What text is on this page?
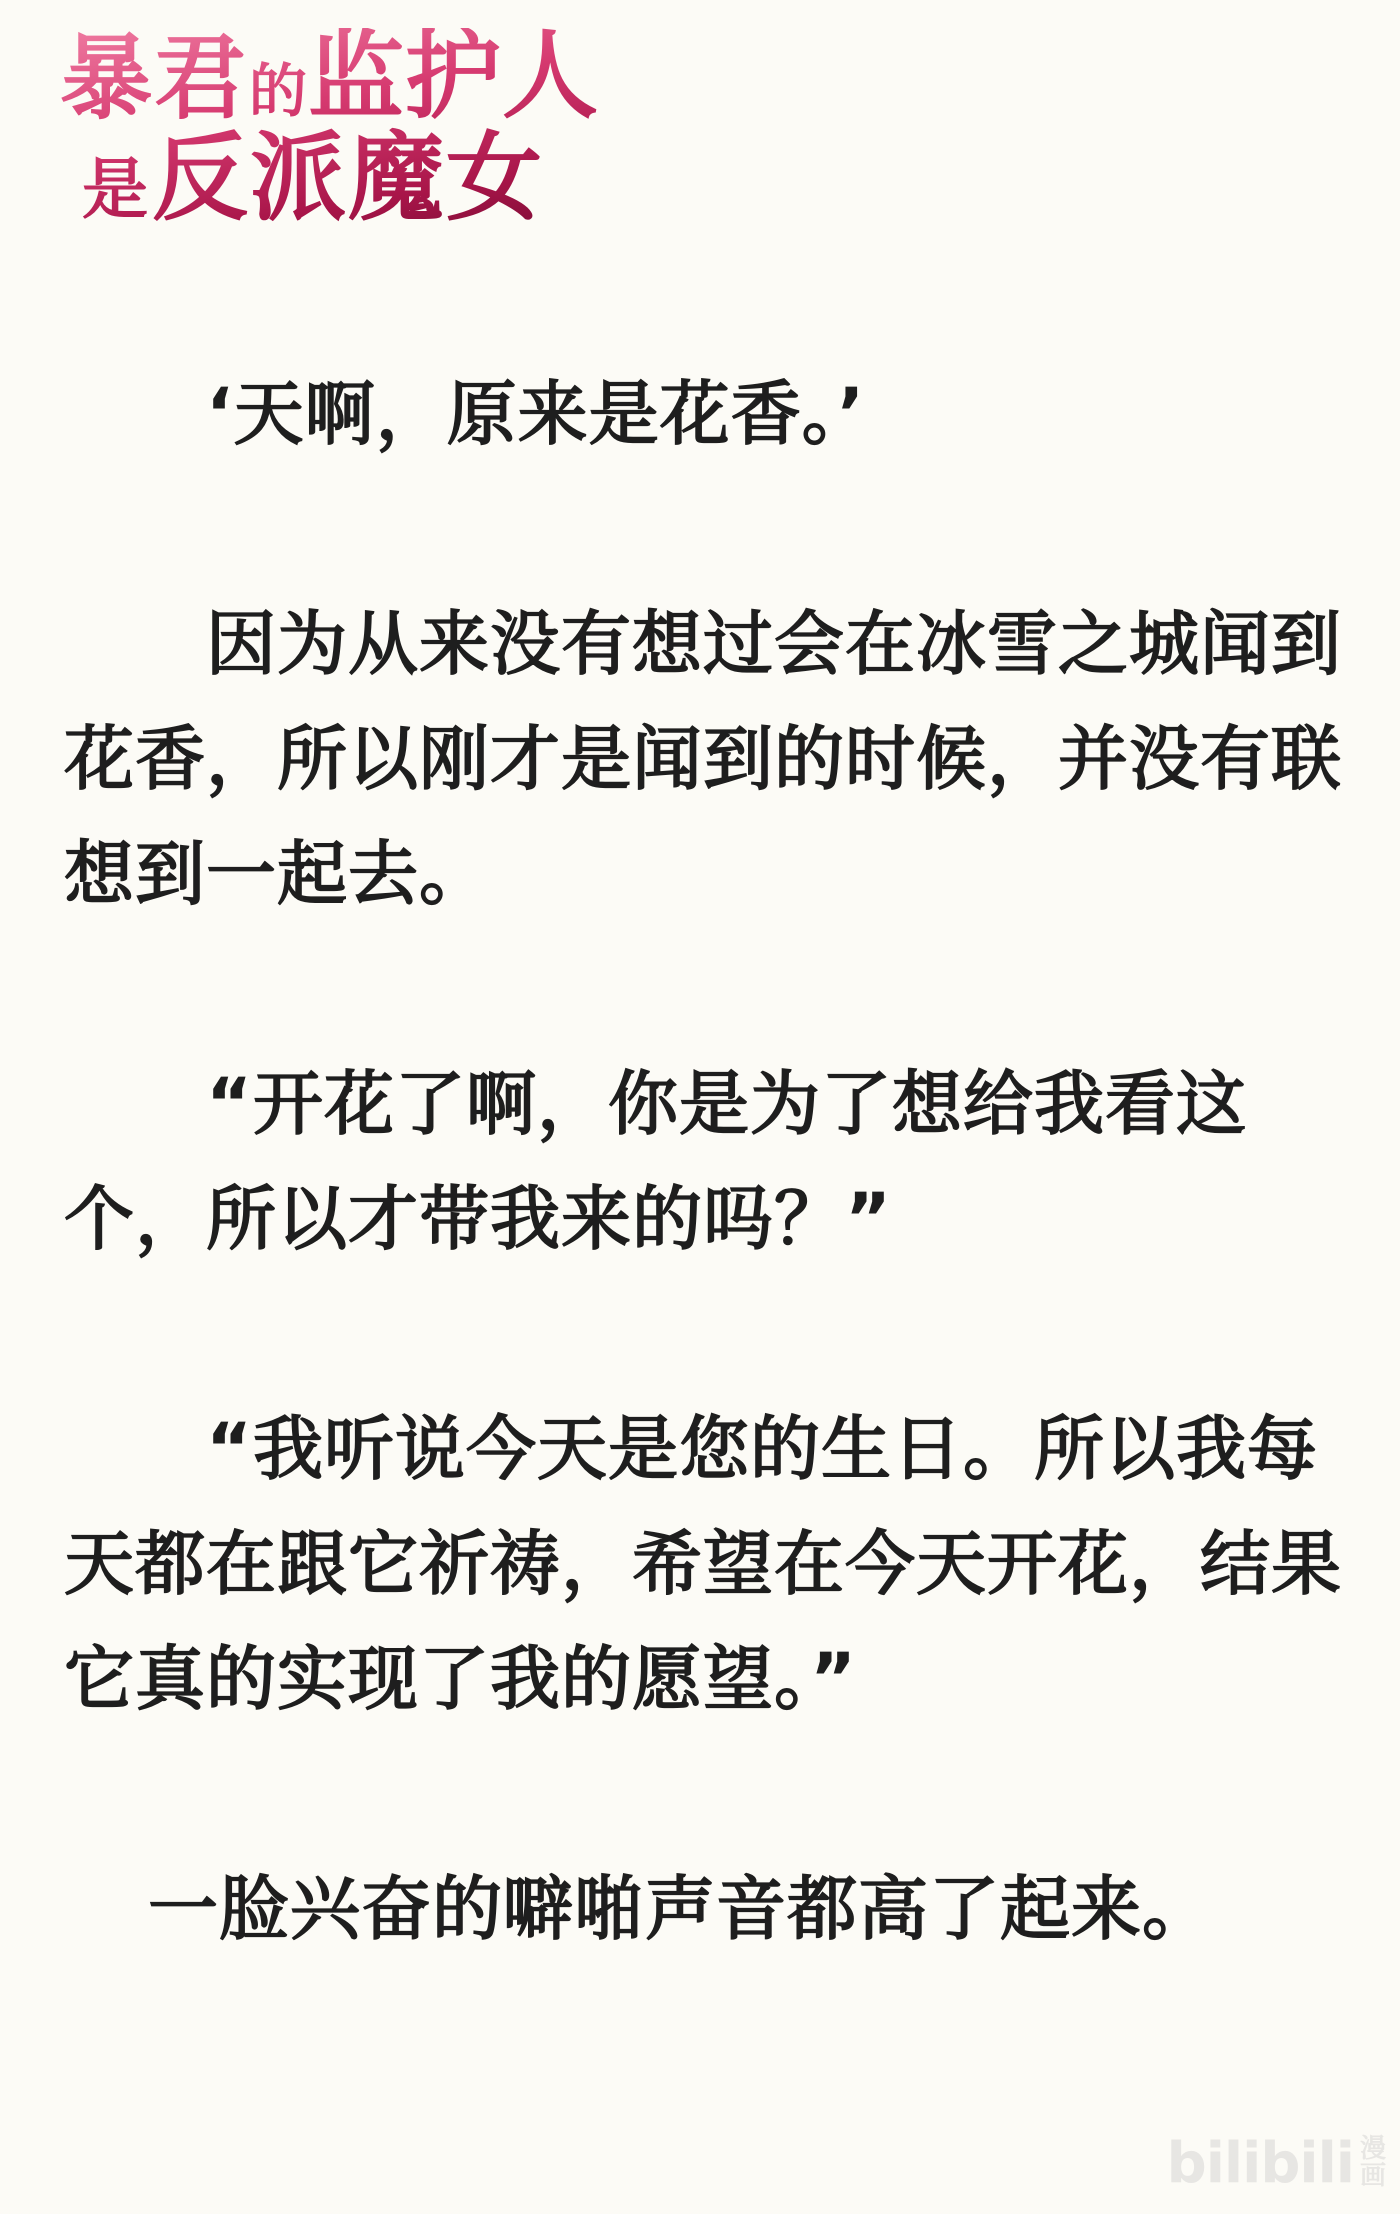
暴君 的 监护人
是 反派魔女

‘天啊，原来是花香。’

因为从来没有想过会在冰雪之城闻到
花香，所以刚才是闻到的时候，并没有联
想到一起去。

“开花了啊，你是为了想给我看这
个，所以才带我来的吗？”

“我听说今天是您的生日。所以我每
天都在跟它祈祷，希望在今天开花，结果
它真的实现了我的愿望。”

一脸兴奋的噼啪声音都高了起来。

bilibili 漫
画
